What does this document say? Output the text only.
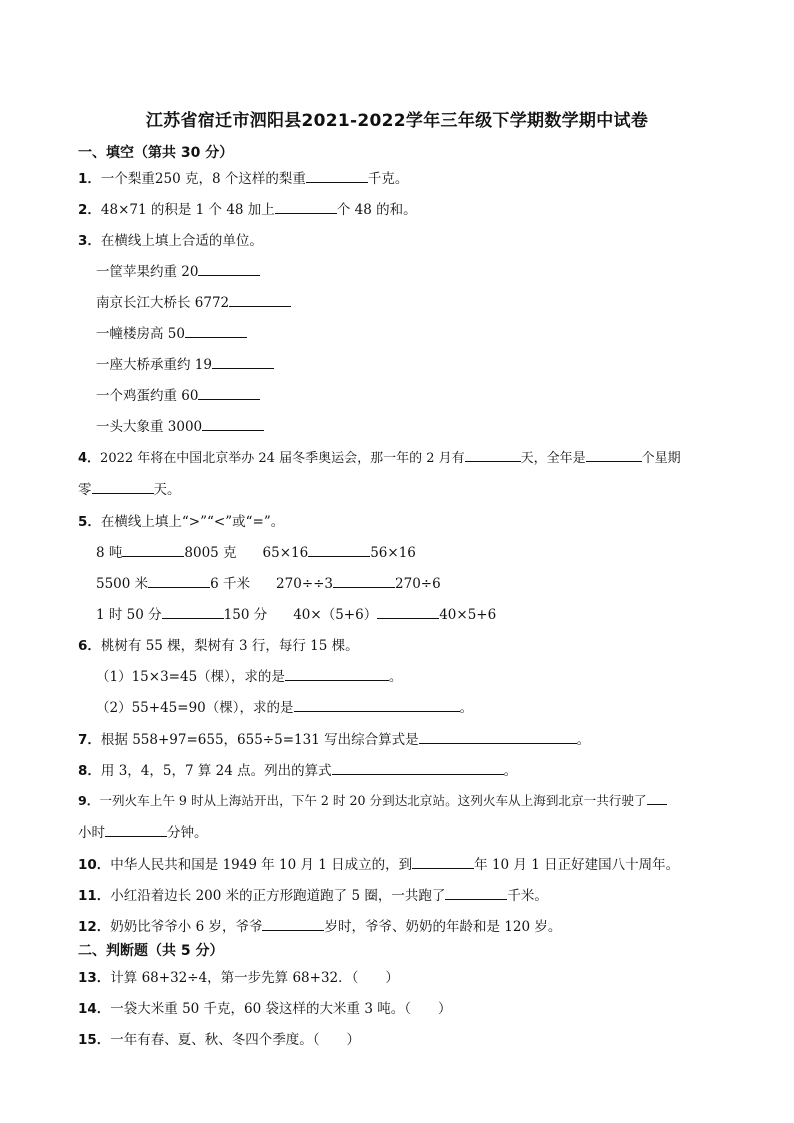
江苏省宿迁市泗阳县2021-2022学年三年级下学期数学期中试卷
一、填空（第共 30 分）
1．一个梨重250 克，8 个这样的梨重	千克。
2．48×71 的积是 1 个 48 加上	个 48 的和。
3．在横线上填上合适的单位。
一筐苹果约重 20
南京长江大桥长 6772
一幢楼房高 50
一座大桥承重约 19
一个鸡蛋约重 60
一头大象重 3000
4．2022 年将在中国北京举办 24 届冬季奥运会，那一年的 2 月有	天，全年是	个星期
零	天。
5．在横线上填上“>”“<”或“=”。
8 吨	8005 克 65×16	56×16
5500 米	6 千米 270÷÷3	270÷6
1 时 50 分	150 分 40×（5+6）	40×5+6
6．桃树有 55 棵，梨树有 3 行，每行 15 棵。
（1）15×3=45（棵），求的是	。
（2）55+45=90（棵），求的是	。
7．根据 558+97=655，655÷5=131 写出综合算式是	。
8．用 3，4，5，7 算 24 点。列出的算式	。
9．一列火车上午 9 时从上海站开出，下午 2 时 20 分到达北京站。这列火车从上海到北京一共行驶了
小时	分钟。
10．中华人民共和国是 1949 年 10 月 1 日成立的，到	年 10 月 1 日正好建国八十周年。
11．小红沿着边长 200 米的正方形跑道跑了 5 圈，一共跑了	千米。
12．奶奶比爷爷小 6 岁，爷爷	岁时，爷爷、奶奶的年龄和是 120 岁。
二、判断题（共 5 分）
13．计算 68+32÷4，第一步先算 68+32．（　　）
14．一袋大米重 50 千克，60 袋这样的大米重 3 吨。（　　）
15．一年有春、夏、秋、冬四个季度。（　　）
